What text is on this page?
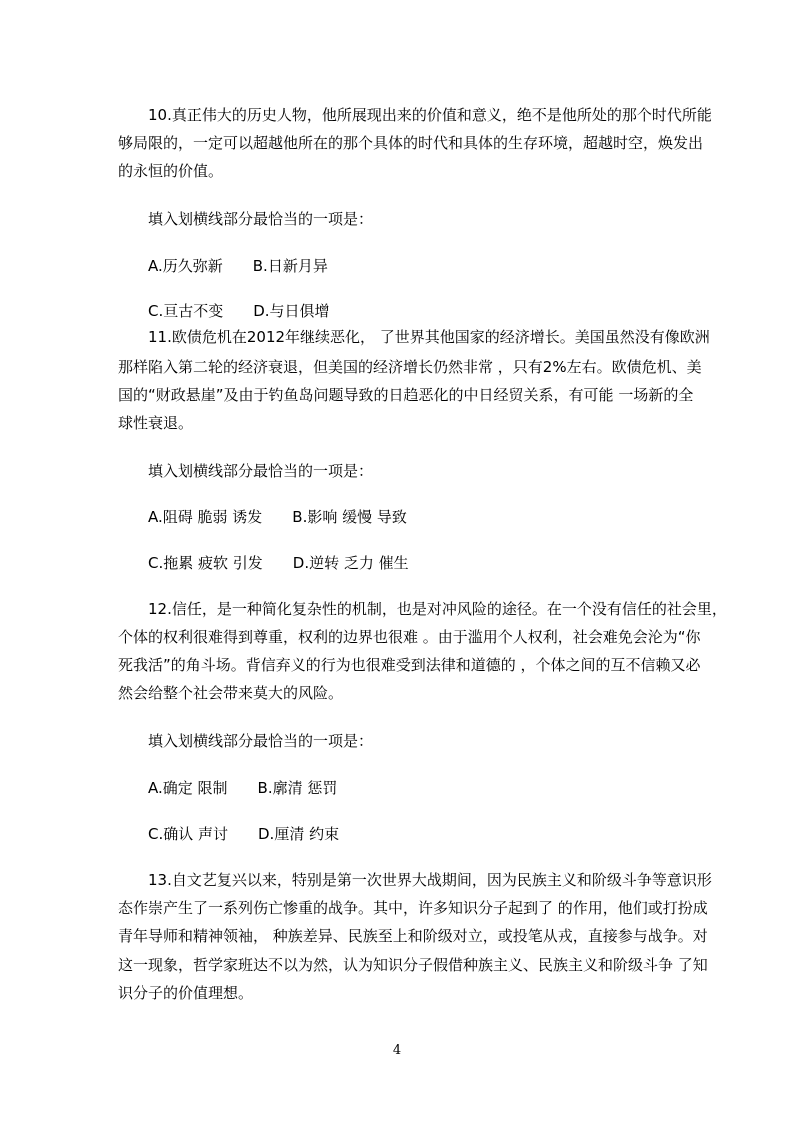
10.真正伟大的历史人物，他所展现出来的价值和意义，绝不是他所处的那个时代所能
够局限的，一定可以超越他所在的那个具体的时代和具体的生存环境，超越时空，焕发出
的永恒的价值。
填入划横线部分最恰当的一项是：
A.历久弥新　　B.日新月异
C.亘古不变　　D.与日俱增
11.欧债危机在2012年继续恶化， 了世界其他国家的经济增长。美国虽然没有像欧洲
那样陷入第二轮的经济衰退，但美国的经济增长仍然非常 ，只有2%左右。欧债危机、美
国的“财政悬崖”及由于钓鱼岛问题导致的日趋恶化的中日经贸关系，有可能 一场新的全
球性衰退。
填入划横线部分最恰当的一项是：
A.阻碍 脆弱 诱发　　B.影响 缓慢 导致
C.拖累 疲软 引发　　D.逆转 乏力 催生
12.信任，是一种简化复杂性的机制，也是对冲风险的途径。在一个没有信任的社会里，
个体的权利很难得到尊重，权利的边界也很难 。由于滥用个人权利，社会难免会沦为“你
死我活”的角斗场。背信弃义的行为也很难受到法律和道德的 ，个体之间的互不信赖又必
然会给整个社会带来莫大的风险。
填入划横线部分最恰当的一项是：
A.确定 限制　　B.廓清 惩罚
C.确认 声讨　　D.厘清 约束
13.自文艺复兴以来，特别是第一次世界大战期间，因为民族主义和阶级斗争等意识形
态作崇产生了一系列伤亡惨重的战争。其中，许多知识分子起到了 的作用，他们或打扮成
青年导师和精神领袖， 种族差异、民族至上和阶级对立，或投笔从戎，直接参与战争。对
这一现象，哲学家班达不以为然，认为知识分子假借种族主义、民族主义和阶级斗争 了知
识分子的价值理想。
4
